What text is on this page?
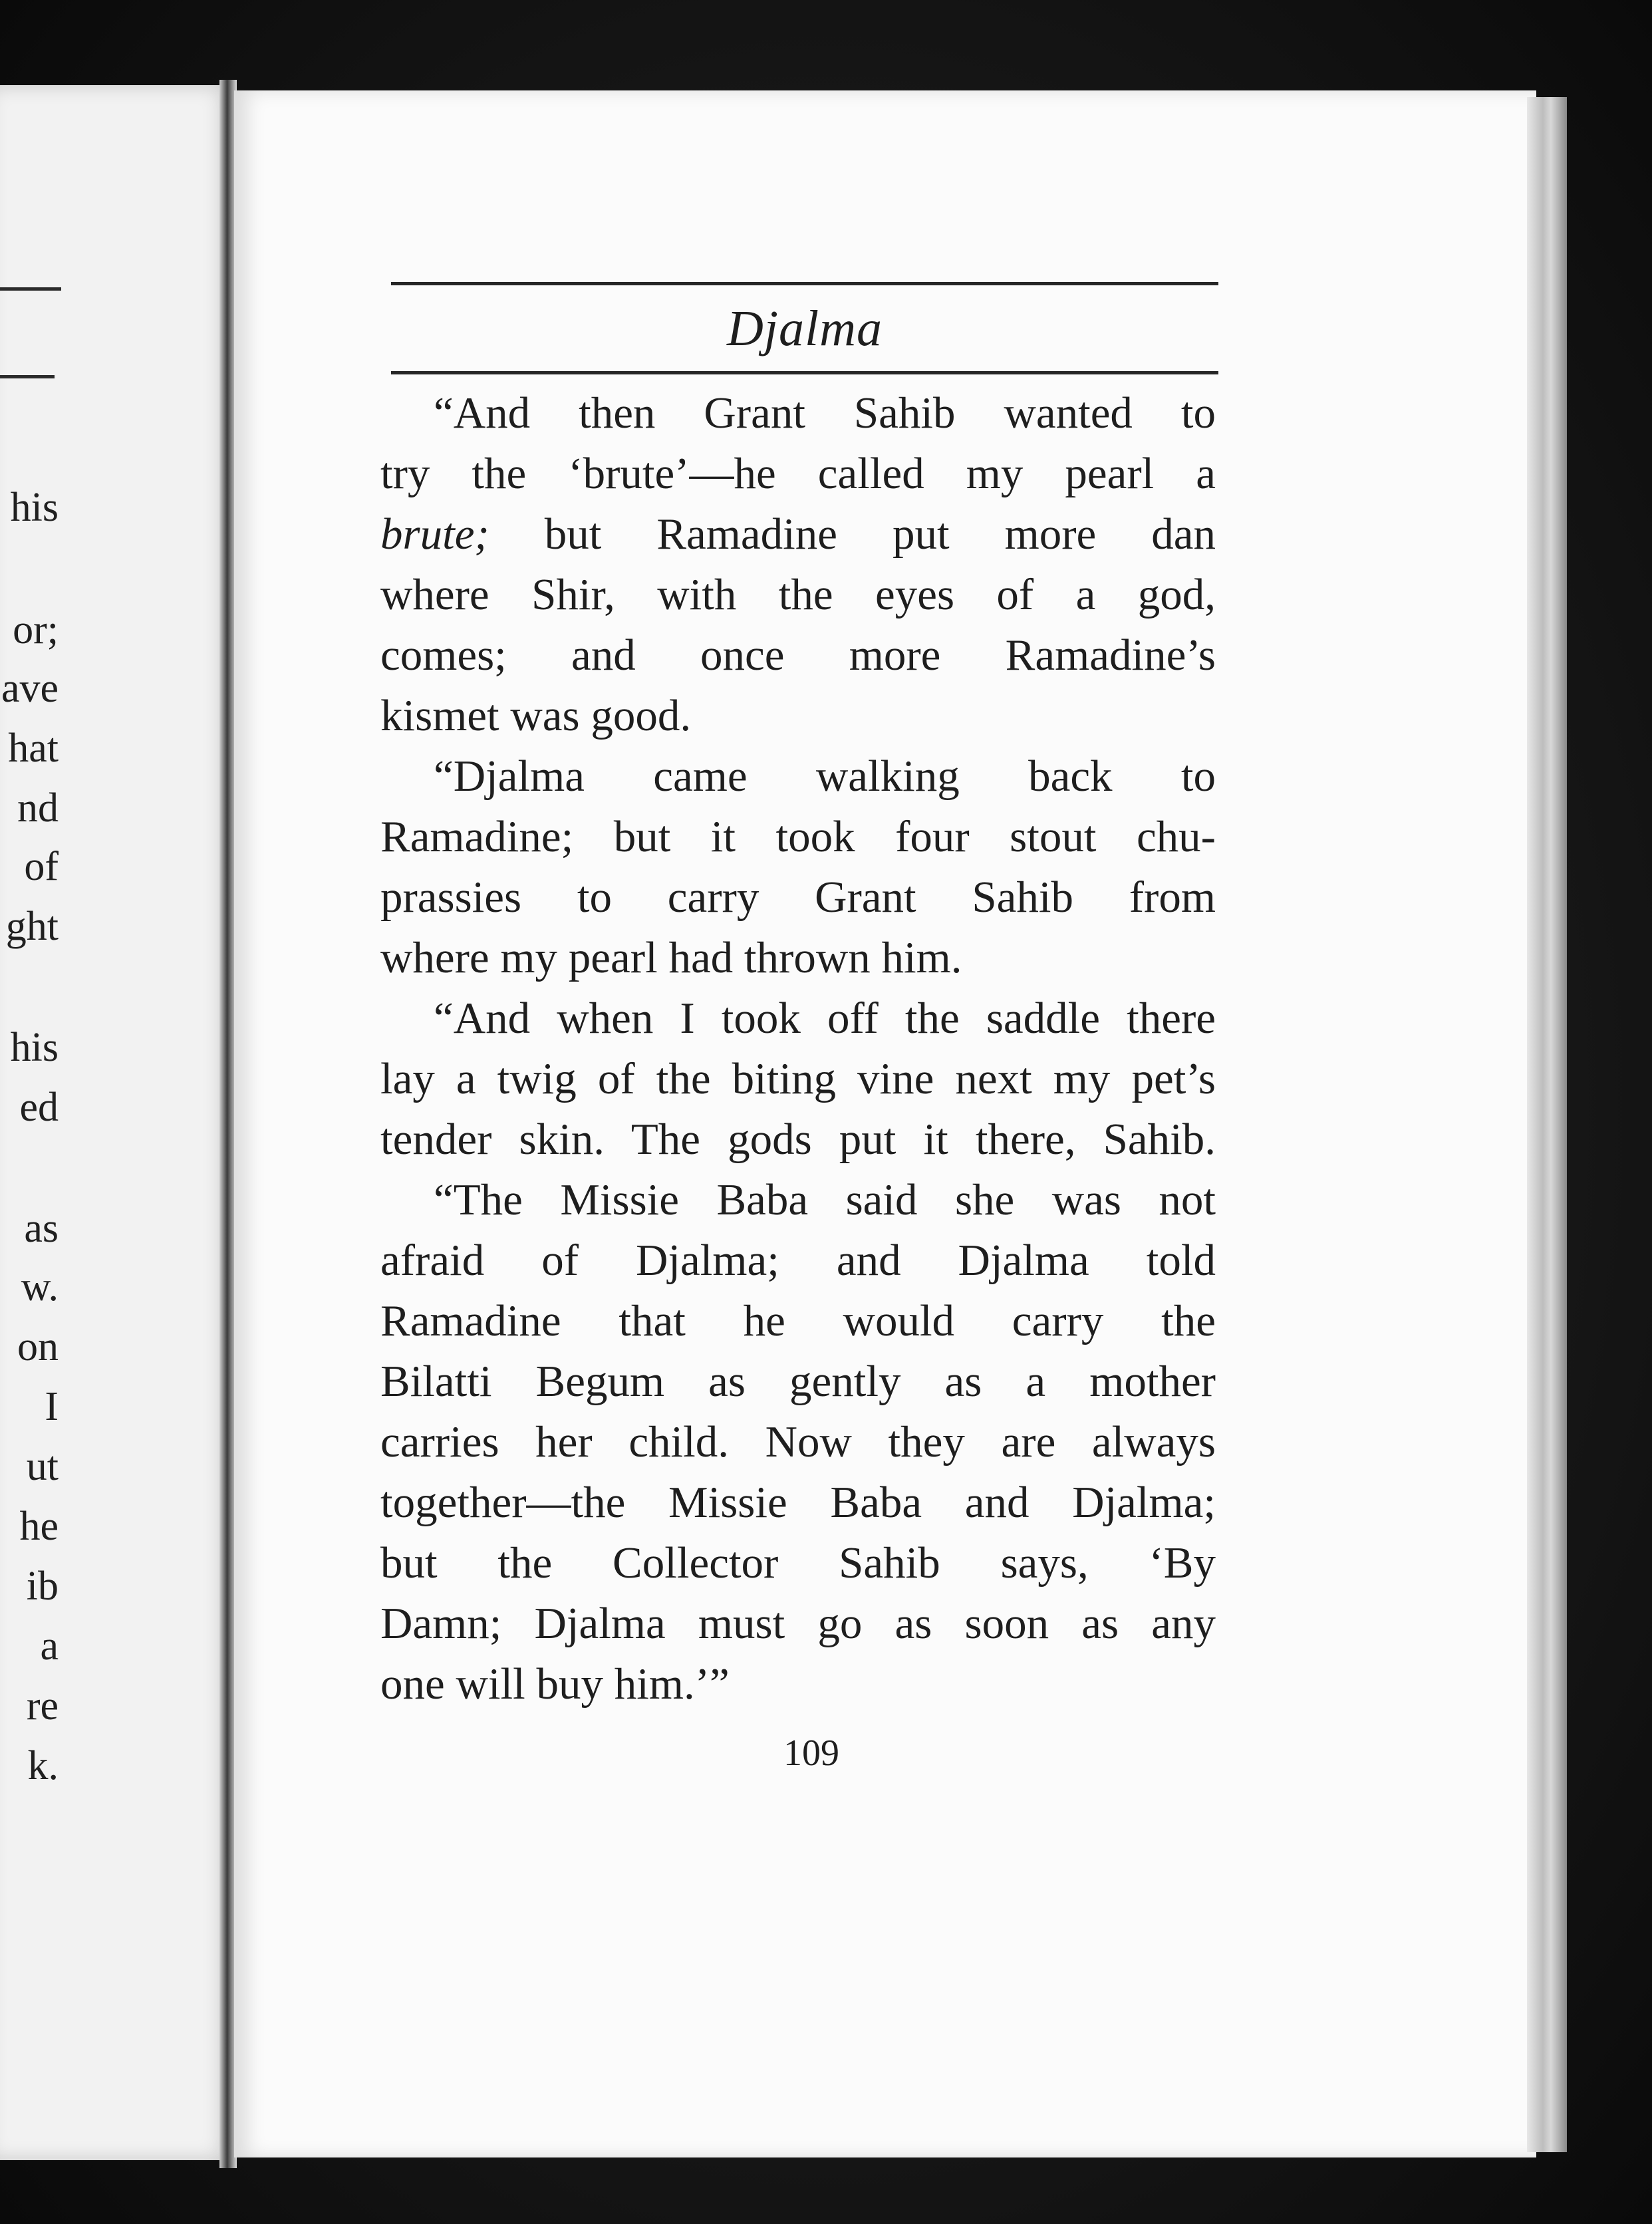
his
or;
ave
hat
nd
of
ght
his
ed
as
w.
on
I
ut
he
ib
a
re
k.
Djalma
“And then Grant Sahib wanted to
try the ‘brute’—he called my pearl a
brute; but Ramadine put more dan
where Shir, with the eyes of a god,
comes; and once more Ramadine’s
kismet was good.
“Djalma came walking back to
Ramadine; but it took four stout chu-
prassies to carry Grant Sahib from
where my pearl had thrown him.
“And when I took off the saddle there
lay a twig of the biting vine next my pet’s
tender skin. The gods put it there, Sahib.
“The Missie Baba said she was not
afraid of Djalma; and Djalma told
Ramadine that he would carry the
Bilatti Begum as gently as a mother
carries her child. Now they are always
together—the Missie Baba and Djalma;
but the Collector Sahib says, ‘By
Damn; Djalma must go as soon as any
one will buy him.’”
109
